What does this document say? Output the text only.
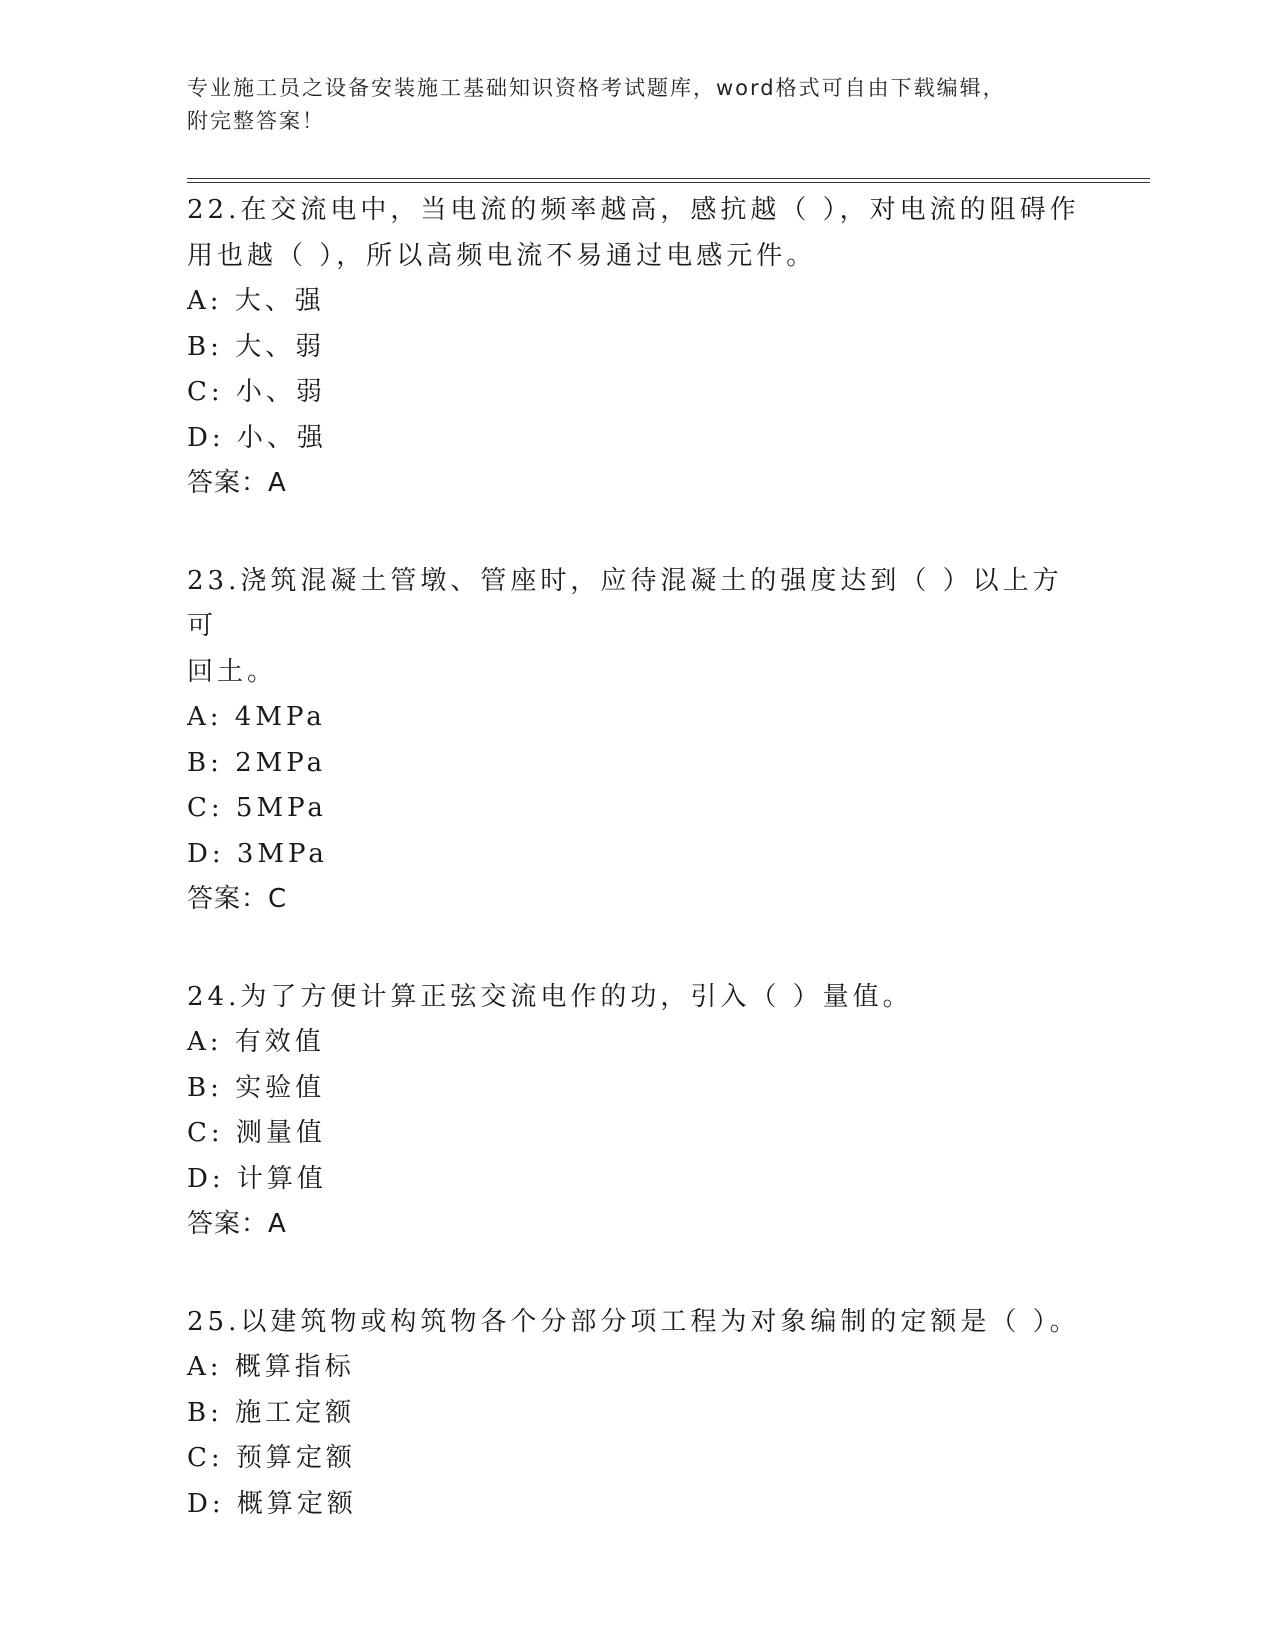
专业施工员之设备安装施工基础知识资格考试题库，word格式可自由下载编辑，
附完整答案！

22.在交流电中，当电流的频率越高，感抗越（ ），对电流的阻碍作

用也越（ ），所以高频电流不易通过电感元件。

A: 大、强

B: 大、弱

C: 小、弱

D: 小、强

答案：A

23.浇筑混凝土管墩、管座时，应待混凝土的强度达到（ ）以上方可

回土。

A: 4MPa

B: 2MPa

C: 5MPa

D: 3MPa

答案：C

24.为了方便计算正弦交流电作的功，引入（ ）量值。

A: 有效值

B: 实验值

C: 测量值

D: 计算值

答案：A

25.以建筑物或构筑物各个分部分项工程为对象编制的定额是（ ）。

A: 概算指标

B: 施工定额

C: 预算定额

D: 概算定额
